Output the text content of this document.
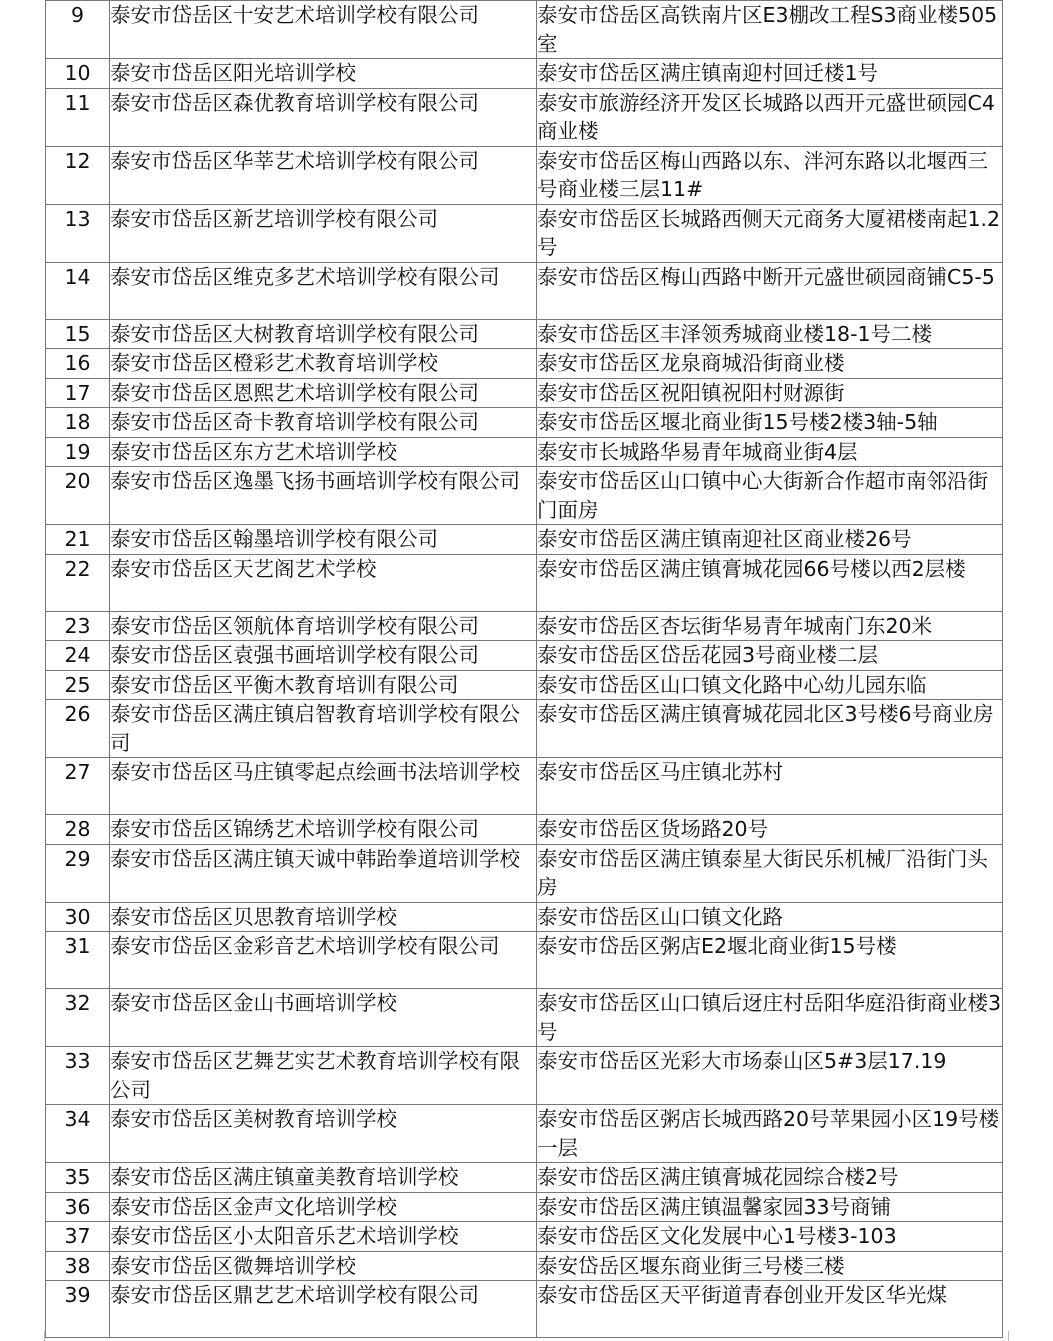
9	泰安市岱岳区十安艺术培训学校有限公司	泰安市岱岳区高铁南片区E3棚改工程S3商业楼505室
10	泰安市岱岳区阳光培训学校	泰安市岱岳区满庄镇南迎村回迁楼1号
11	泰安市岱岳区森优教育培训学校有限公司	泰安市旅游经济开发区长城路以西开元盛世硕园C4商业楼
12	泰安市岱岳区华莘艺术培训学校有限公司	泰安市岱岳区梅山西路以东、泮河东路以北堰西三号商业楼三层11#
13	泰安市岱岳区新艺培训学校有限公司	泰安市岱岳区长城路西侧天元商务大厦裙楼南起1.2号
14	泰安市岱岳区维克多艺术培训学校有限公司	泰安市岱岳区梅山西路中断开元盛世硕园商铺C5-5
15	泰安市岱岳区大树教育培训学校有限公司	泰安市岱岳区丰泽领秀城商业楼18-1号二楼
16	泰安市岱岳区橙彩艺术教育培训学校	泰安市岱岳区龙泉商城沿街商业楼
17	泰安市岱岳区恩熙艺术培训学校有限公司	泰安市岱岳区祝阳镇祝阳村财源街
18	泰安市岱岳区奇卡教育培训学校有限公司	泰安市岱岳区堰北商业街15号楼2楼3轴-5轴
19	泰安市岱岳区东方艺术培训学校	泰安市长城路华易青年城商业街4层
20	泰安市岱岳区逸墨飞扬书画培训学校有限公司	泰安市岱岳区山口镇中心大街新合作超市南邻沿街门面房
21	泰安市岱岳区翰墨培训学校有限公司	泰安市岱岳区满庄镇南迎社区商业楼26号
22	泰安市岱岳区天艺阁艺术学校	泰安市岱岳区满庄镇膏城花园66号楼以西2层楼
23	泰安市岱岳区领航体育培训学校有限公司	泰安市岱岳区杏坛街华易青年城南门东20米
24	泰安市岱岳区袁强书画培训学校有限公司	泰安市岱岳区岱岳花园3号商业楼二层
25	泰安市岱岳区平衡木教育培训有限公司	泰安市岱岳区山口镇文化路中心幼儿园东临
26	泰安市岱岳区满庄镇启智教育培训学校有限公司	泰安市岱岳区满庄镇膏城花园北区3号楼6号商业房
27	泰安市岱岳区马庄镇零起点绘画书法培训学校	泰安市岱岳区马庄镇北苏村
28	泰安市岱岳区锦绣艺术培训学校有限公司	泰安市岱岳区货场路20号
29	泰安市岱岳区满庄镇天诚中韩跆拳道培训学校	泰安市岱岳区满庄镇泰星大街民乐机械厂沿街门头房
30	泰安市岱岳区贝思教育培训学校	泰安市岱岳区山口镇文化路
31	泰安市岱岳区金彩音艺术培训学校有限公司	泰安市岱岳区粥店E2堰北商业街15号楼
32	泰安市岱岳区金山书画培训学校	泰安市岱岳区山口镇后迓庄村岳阳华庭沿街商业楼3号
33	泰安市岱岳区艺舞艺实艺术教育培训学校有限公司	泰安市岱岳区光彩大市场泰山区5#3层17.19
34	泰安市岱岳区美树教育培训学校	泰安市岱岳区粥店长城西路20号苹果园小区19号楼一层
35	泰安市岱岳区满庄镇童美教育培训学校	泰安市岱岳区满庄镇膏城花园综合楼2号
36	泰安市岱岳区金声文化培训学校	泰安市岱岳区满庄镇温馨家园33号商铺
37	泰安市岱岳区小太阳音乐艺术培训学校	泰安市岱岳区文化发展中心1号楼3-103
38	泰安市岱岳区微舞培训学校	泰安岱岳区堰东商业街三号楼三楼
39	泰安市岱岳区鼎艺艺术培训学校有限公司	泰安市岱岳区天平街道青春创业开发区华光煤
